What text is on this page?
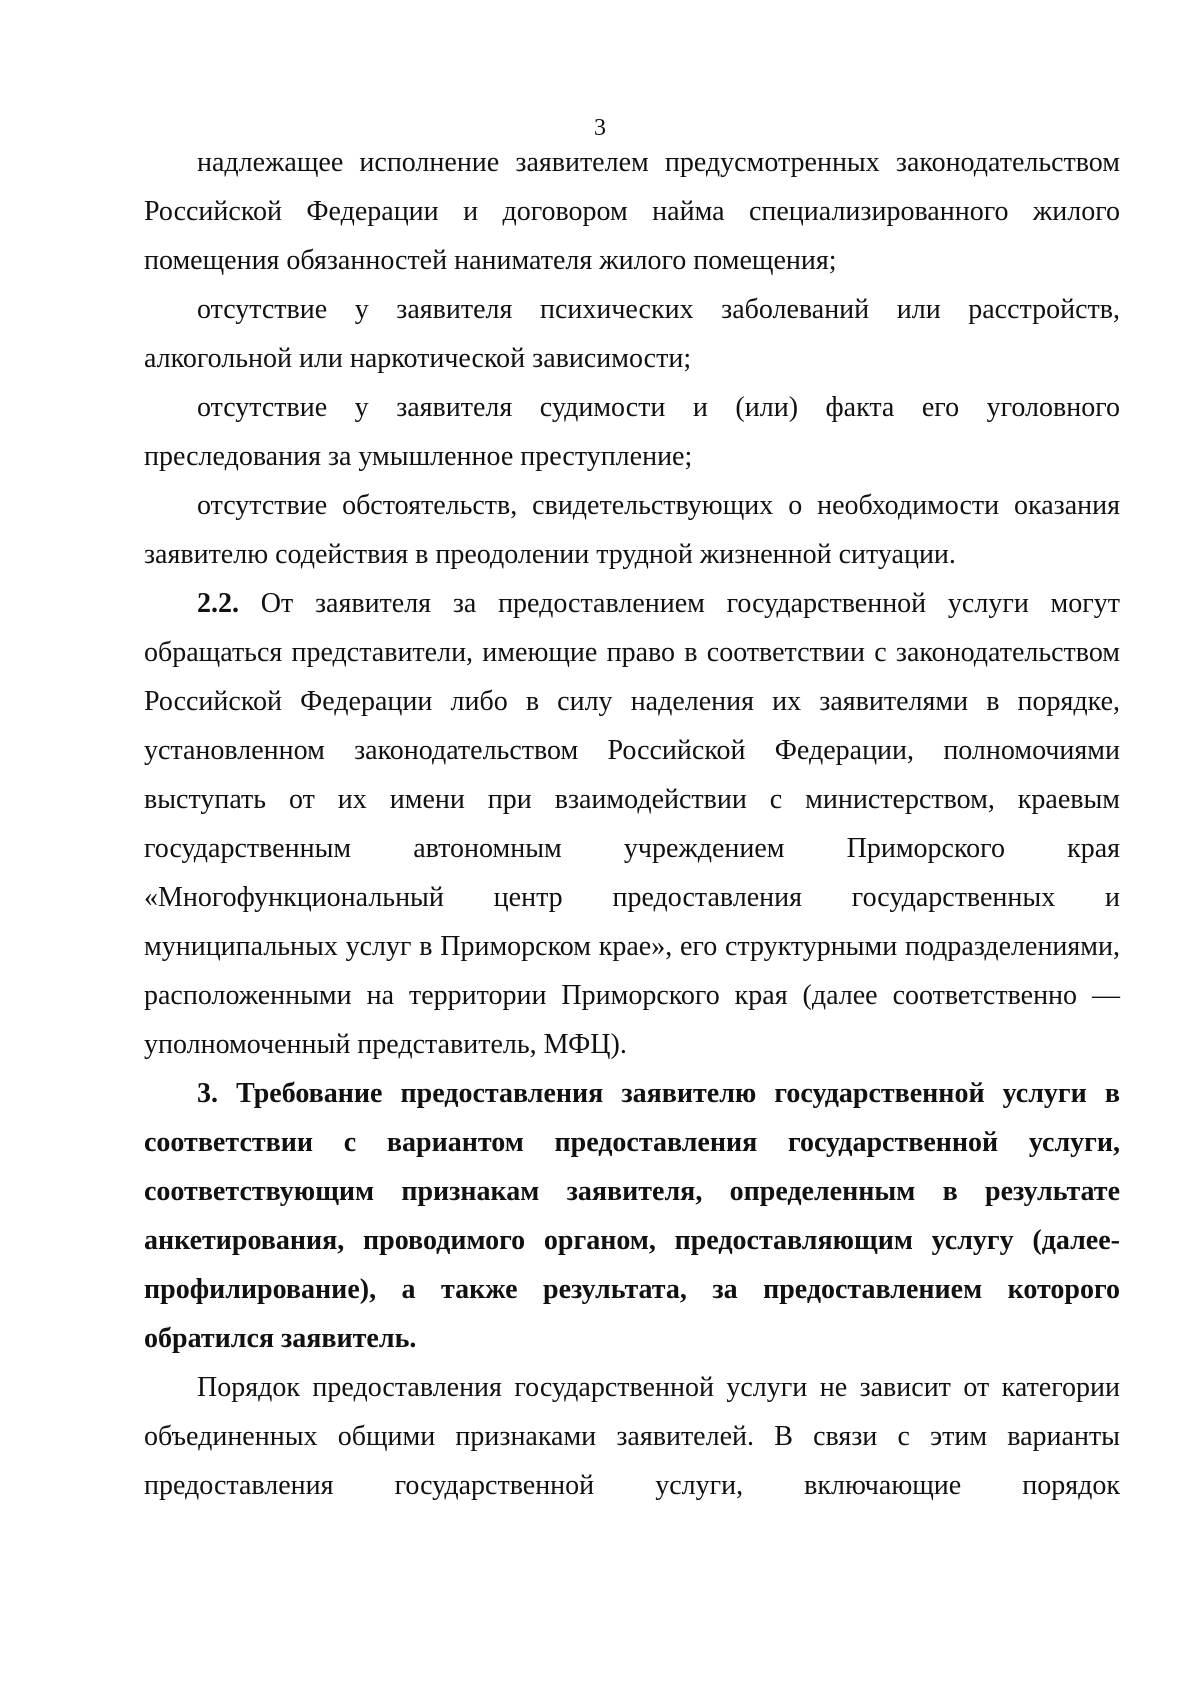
3

надлежащее исполнение заявителем предусмотренных законодательством Российской Федерации и договором найма специализированного жилого помещения обязанностей нанимателя жилого помещения;

отсутствие у заявителя психических заболеваний или расстройств, алкогольной или наркотической зависимости;

отсутствие у заявителя судимости и (или) факта его уголовного преследования за умышленное преступление;

отсутствие обстоятельств, свидетельствующих о необходимости оказания заявителю содействия в преодолении трудной жизненной ситуации.

2.2. От заявителя за предоставлением государственной услуги могут обращаться представители, имеющие право в соответствии с законодательством Российской Федерации либо в силу наделения их заявителями в порядке, установленном законодательством Российской Федерации, полномочиями выступать от их имени при взаимодействии с министерством, краевым государственным автономным учреждением Приморского края «Многофункциональный центр предоставления государственных и муниципальных услуг в Приморском крае», его структурными подразделениями, расположенными на территории Приморского края (далее соответственно — уполномоченный представитель, МФЦ).

3. Требование предоставления заявителю государственной услуги в соответствии с вариантом предоставления государственной услуги, соответствующим признакам заявителя, определенным в результате анкетирования, проводимого органом, предоставляющим услугу (далее-профилирование), а также результата, за предоставлением которого обратился заявитель.

Порядок предоставления государственной услуги не зависит от категории объединенных общими признаками заявителей. В связи с этим варианты предоставления государственной услуги, включающие порядок
